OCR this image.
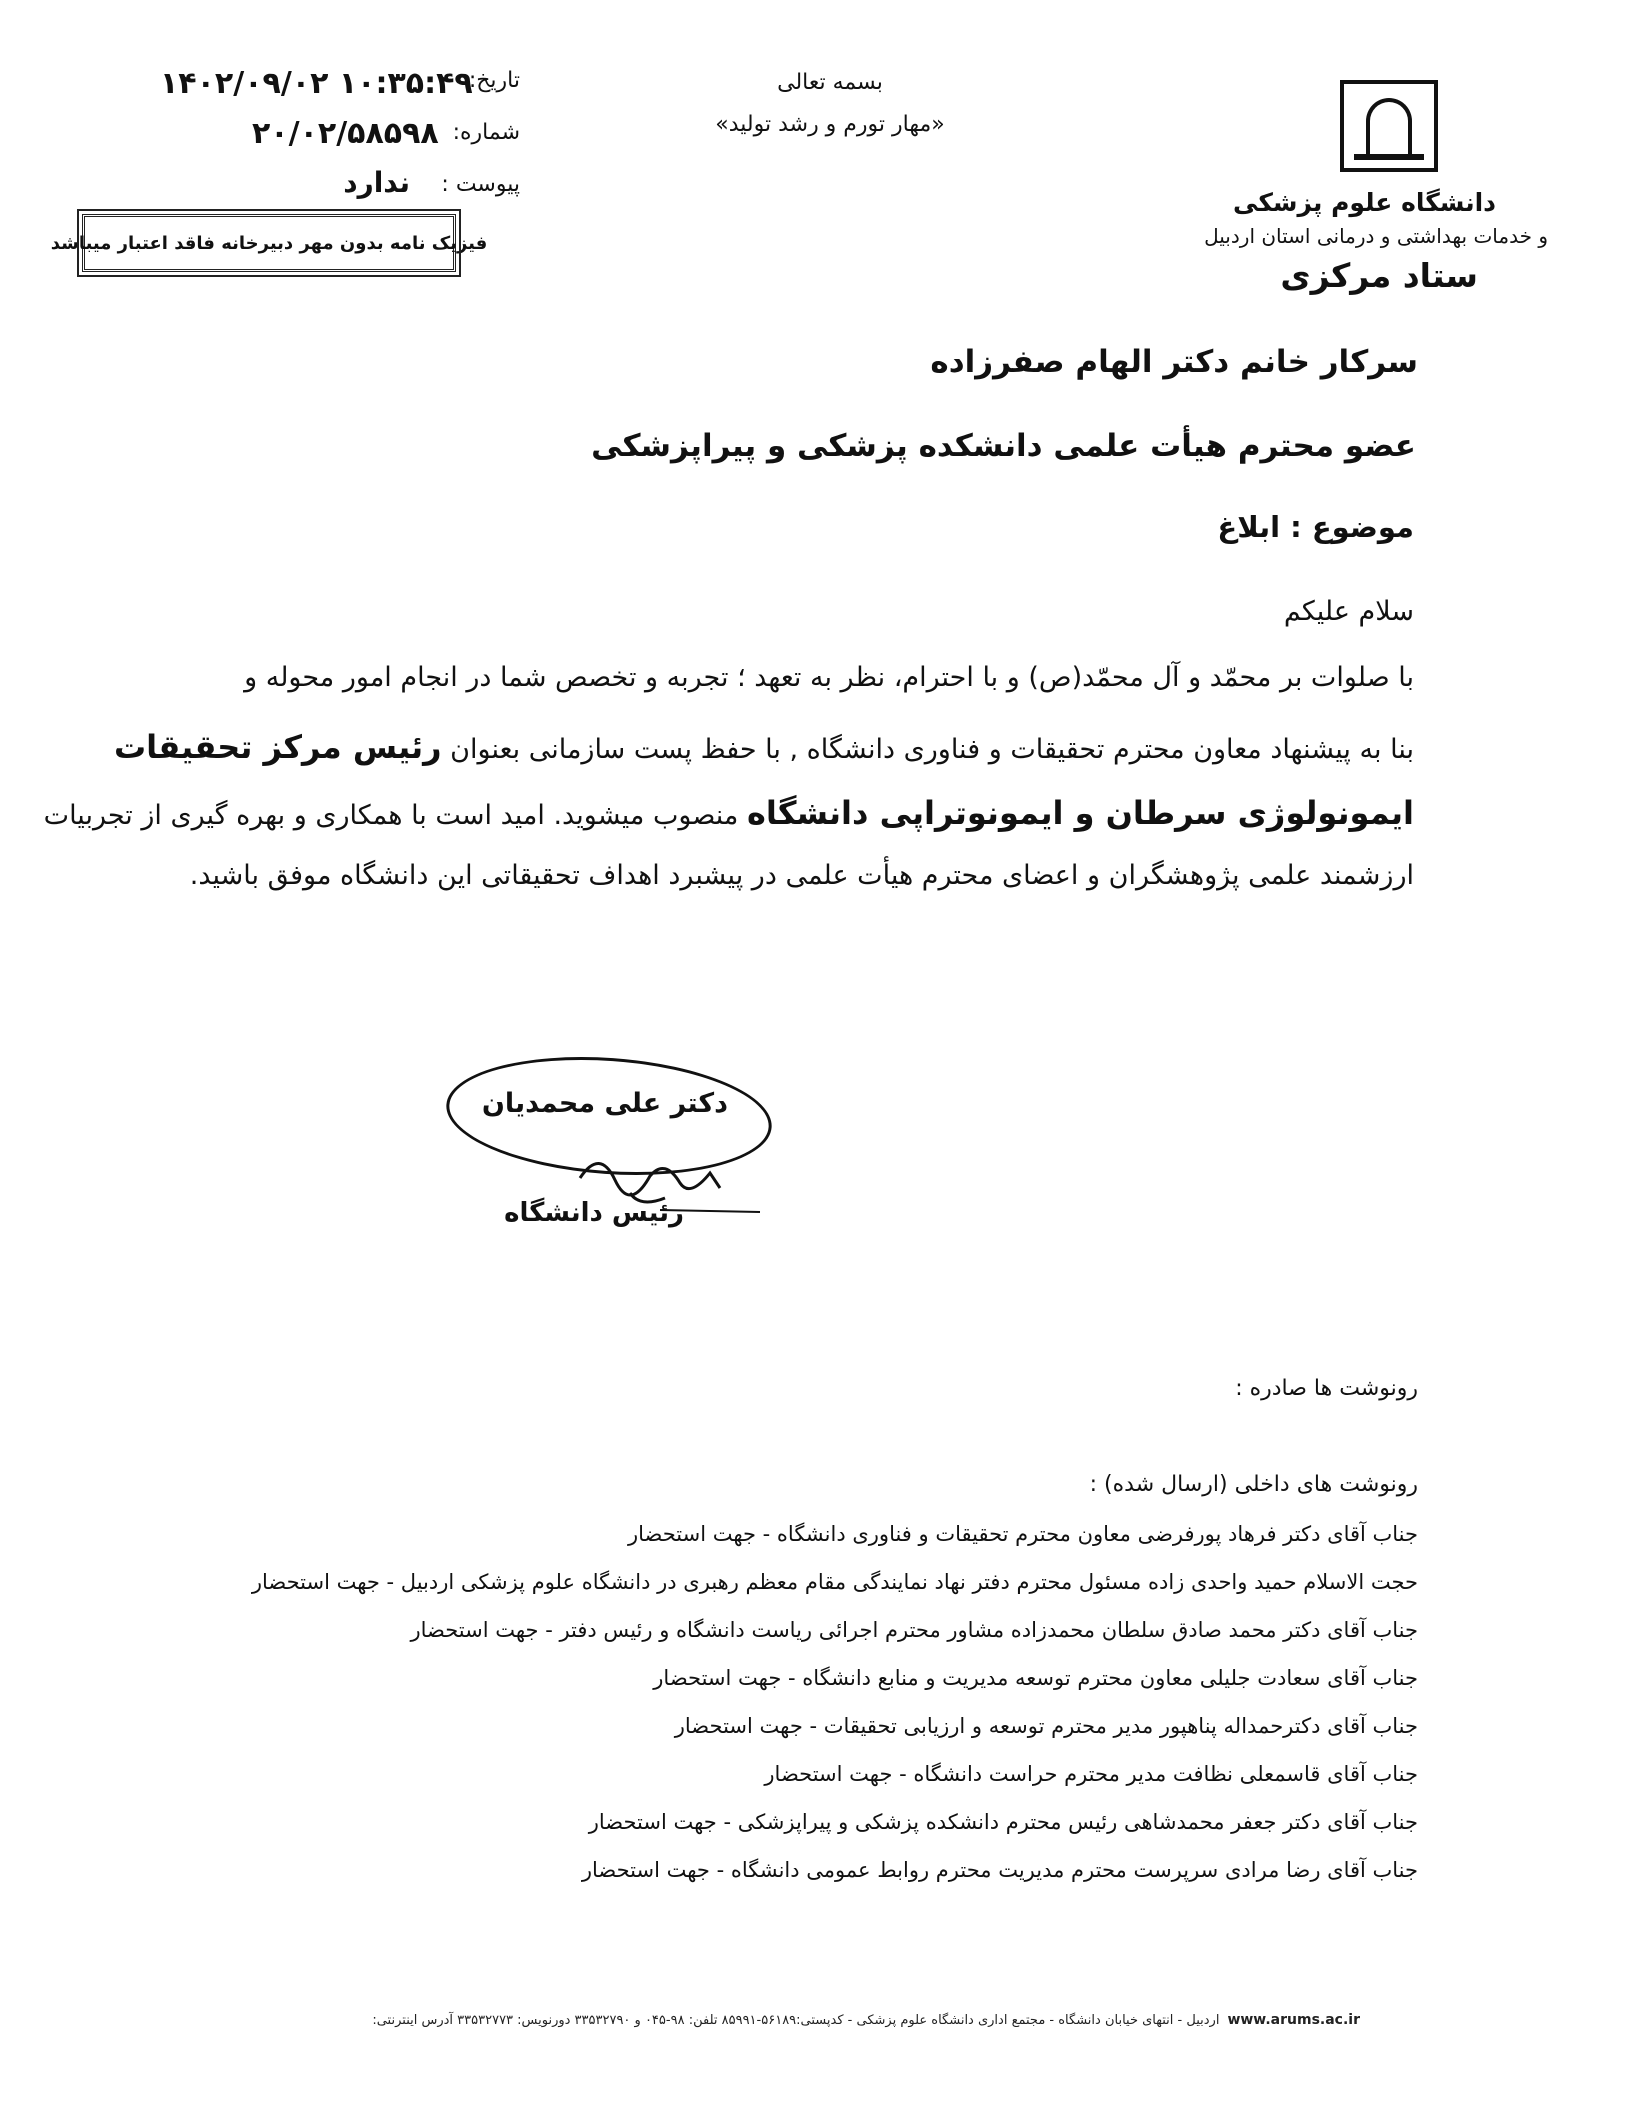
دانشگاه علوم پزشکی
و خدمات بهداشتی و درمانی استان اردبیل
ستاد مرکزی
بسمه تعالی
«مهار تورم و رشد تولید»
تاریخ:
۱۴۰۲/۰۹/۰۲ ۱۰:۳۵:۴۹
شماره:
۲۰/۰۲/۵۸۵۹۸
پیوست :
ندارد
فیزیک نامه بدون مهر دبیرخانه فاقد اعتبار میباشد
سرکار خانم دکتر الهام صفرزاده
عضو محترم هیأت علمی دانشکده پزشکی و پیراپزشکی
موضوع : ابلاغ
سلام علیکم
با صلوات بر محمّد و آل محمّد(ص) و با احترام، نظر به تعهد ؛ تجربه و تخصص شما در انجام امور محوله و
بنا به پیشنهاد معاون محترم تحقیقات و فناوری دانشگاه , با حفظ پست سازمانی بعنوان رئیس مرکز تحقیقات
ایمونولوژی سرطان و ایمونوتراپی دانشگاه منصوب میشوید. امید است با همکاری و بهره گیری از تجربیات
ارزشمند علمی پژوهشگران و اعضای محترم هیأت علمی در پیشبرد اهداف تحقیقاتی این دانشگاه موفق باشید.
دکتر علی محمدیان
رئیس دانشگاه
رونوشت ها صادره :
رونوشت های داخلی (ارسال شده) :
جناب آقای دکتر فرهاد پورفرضی معاون محترم تحقیقات و فناوری دانشگاه - جهت استحضار
حجت الاسلام حمید واحدی زاده مسئول محترم دفتر نهاد نمایندگی مقام معظم رهبری در دانشگاه علوم پزشکی اردبیل - جهت استحضار
جناب آقای دکتر محمد صادق سلطان محمدزاده مشاور محترم اجرائی ریاست دانشگاه و رئیس دفتر - جهت استحضار
جناب آقای سعادت جلیلی معاون محترم توسعه مدیریت و منابع دانشگاه - جهت استحضار
جناب آقای دکترحمداله پناهپور مدیر محترم توسعه و ارزیابی تحقیقات - جهت استحضار
جناب آقای قاسمعلی نظافت مدیر محترم حراست دانشگاه - جهت استحضار
جناب آقای دکتر جعفر محمدشاهی رئیس محترم دانشکده پزشکی و پیراپزشکی - جهت استحضار
جناب آقای رضا مرادی سرپرست محترم مدیریت محترم روابط عمومی دانشگاه - جهت استحضار
www.arums.ac.ir
اردبیل - انتهای خیابان دانشگاه - مجتمع اداری دانشگاه علوم پزشکی - کدپستی:۵۶۱۸۹-۸۵۹۹۱ تلفن: ۹۸-۰۴۵ و ۳۳۵۳۲۷۹۰ دورنویس: ۳۳۵۳۲۷۷۳ آدرس اینترنتی:
